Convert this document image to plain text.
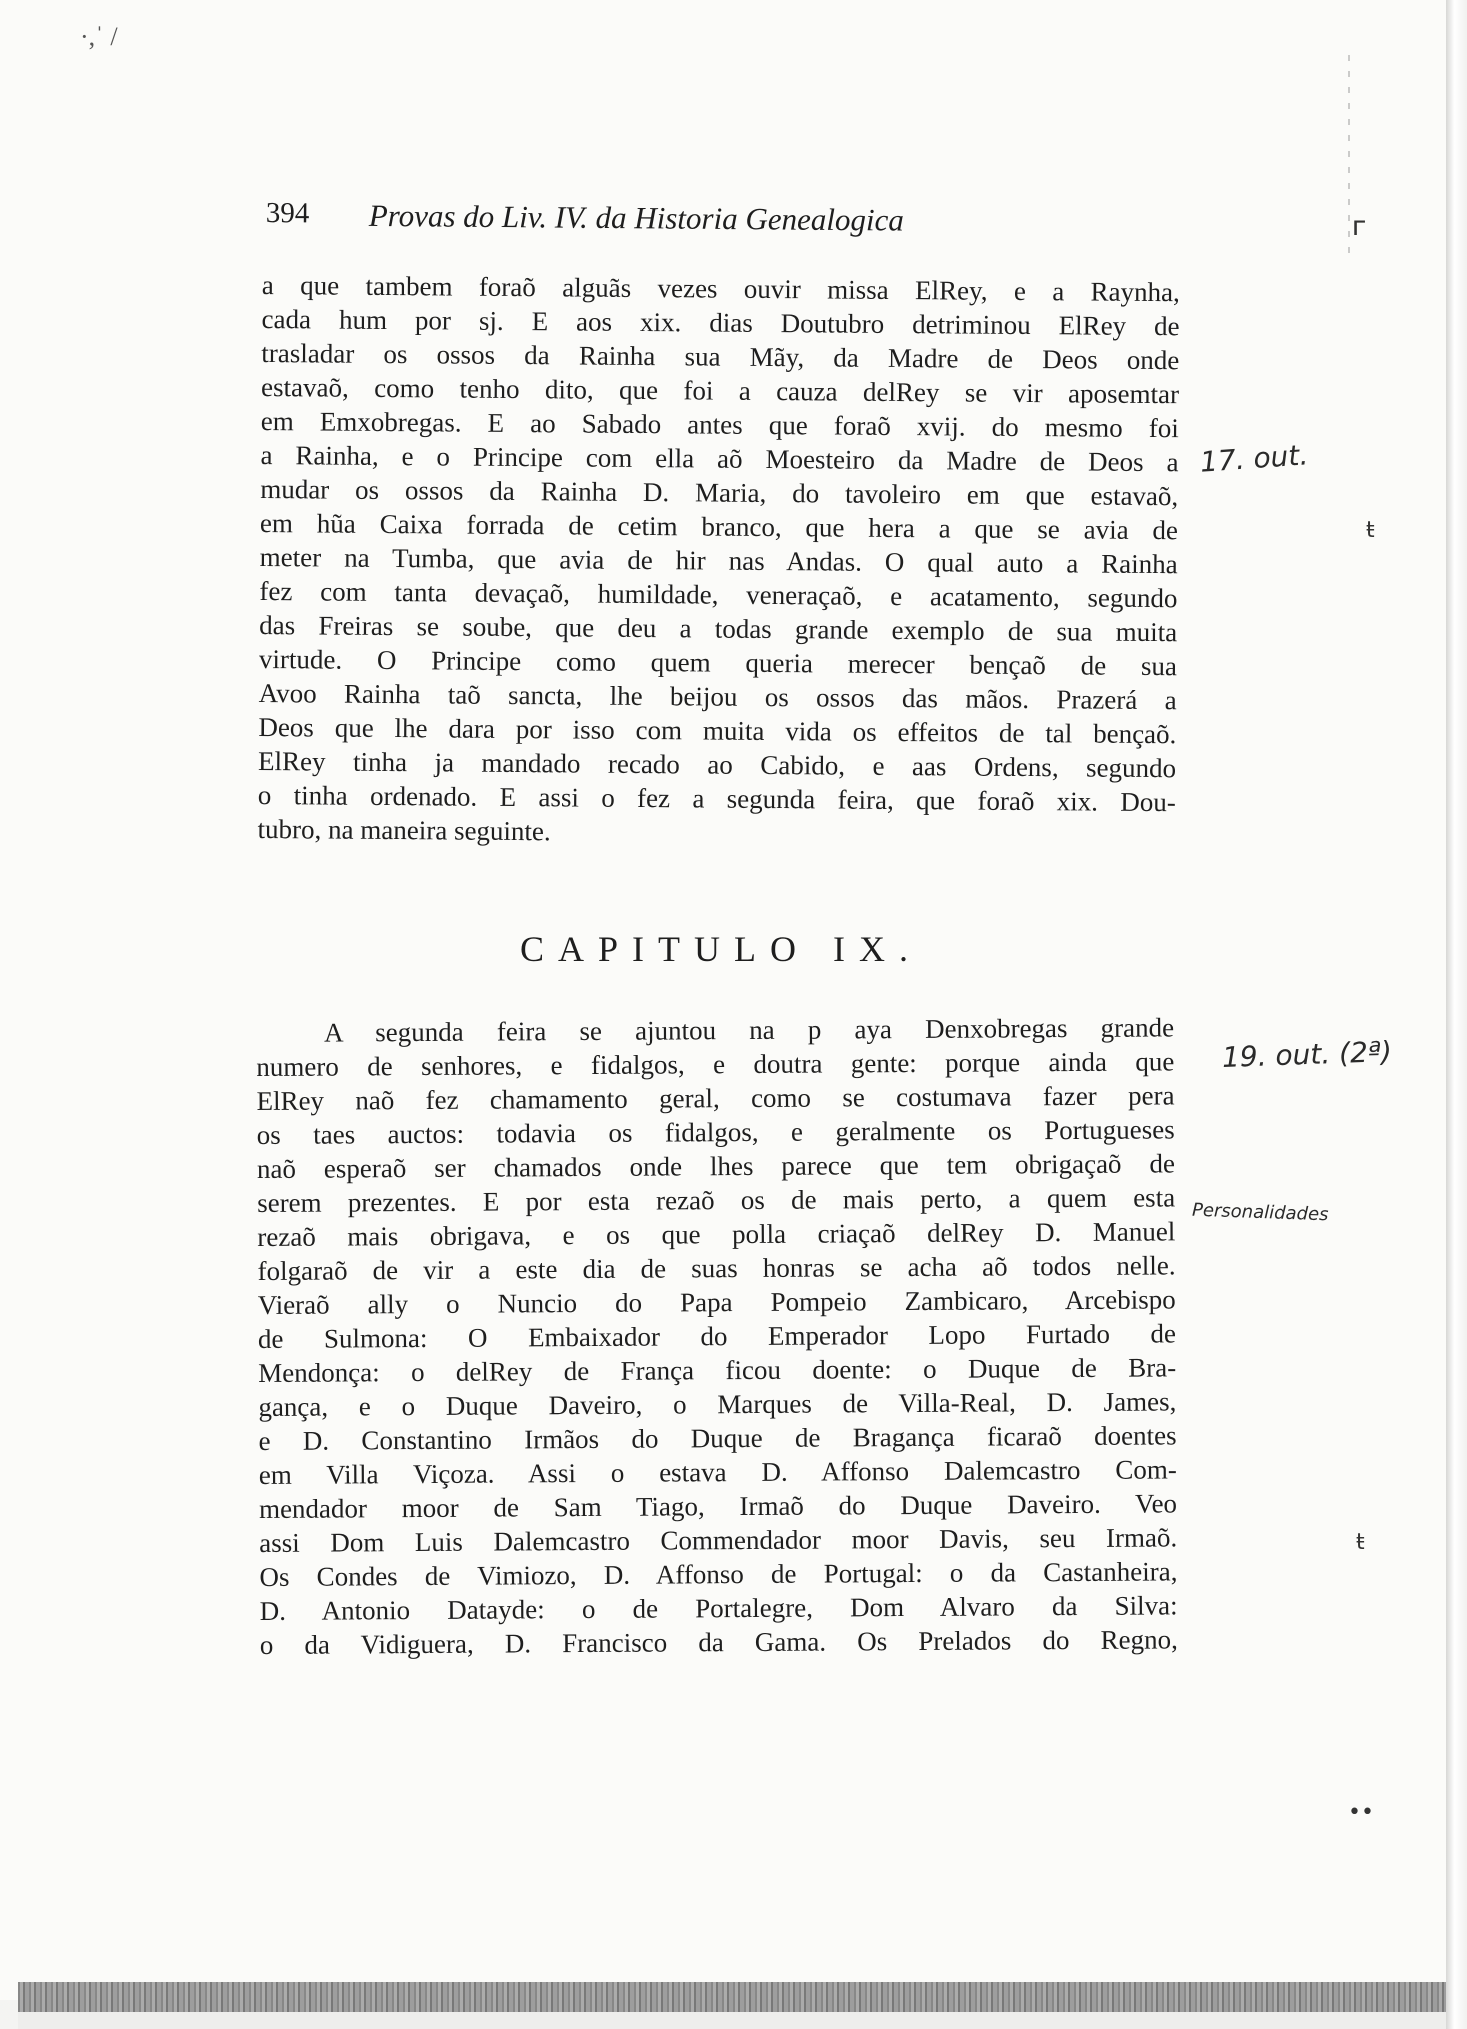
·,ˈ /
ᴦ
ŧ
ŧ
••
394 Provas do Liv. IV. da Historia Genealogica
a que tambem foraõ alguãs vezes ouvir missa ElRey, e a Raynha,
cada hum por sj. E aos xix. dias Doutubro detriminou ElRey de
trasladar os ossos da Rainha sua Mãy, da Madre de Deos onde
estavaõ, como tenho dito, que foi a cauza delRey se vir aposemtar
em Emxobregas. E ao Sabado antes que foraõ xvij. do mesmo foi
a Rainha, e o Principe com ella aõ Moesteiro da Madre de Deos a
mudar os ossos da Rainha D. Maria, do tavoleiro em que estavaõ,
em hũa Caixa forrada de cetim branco, que hera a que se avia de
meter na Tumba, que avia de hir nas Andas. O qual auto a Rainha
fez com tanta devaçaõ, humildade, veneraçaõ, e acatamento, segundo
das Freiras se soube, que deu a todas grande exemplo de sua muita
virtude. O Principe como quem queria merecer bençaõ de sua
Avoo Rainha taõ sancta, lhe beijou os ossos das mãos. Prazerá a
Deos que lhe dara por isso com muita vida os effeitos de tal bençaõ.
ElRey tinha ja mandado recado ao Cabido, e aas Ordens, segundo
o tinha ordenado. E assi o fez a segunda feira, que foraõ xix. Dou-
tubro, na maneira seguinte.
CAPITULO IX.
A segunda feira se ajuntou na p aya Denxobregas grande
numero de senhores, e fidalgos, e doutra gente: porque ainda que
ElRey naõ fez chamamento geral, como se costumava fazer pera
os taes auctos: todavia os fidalgos, e geralmente os Portugueses
naõ esperaõ ser chamados onde lhes parece que tem obrigaçaõ de
serem prezentes. E por esta rezaõ os de mais perto, a quem esta
rezaõ mais obrigava, e os que polla criaçaõ delRey D. Manuel
folgaraõ de vir a este dia de suas honras se acha aõ todos nelle.
Vieraõ ally o Nuncio do Papa Pompeio Zambicaro, Arcebispo
de Sulmona: O Embaixador do Emperador Lopo Furtado de
Mendonça: o delRey de França ficou doente: o Duque de Bra-
gança, e o Duque Daveiro, o Marques de Villa-Real, D. James,
e D. Constantino Irmãos do Duque de Bragança ficaraõ doentes
em Villa Viçoza. Assi o estava D. Affonso Dalemcastro Com-
mendador moor de Sam Tiago, Irmaõ do Duque Daveiro. Veo
assi Dom Luis Dalemcastro Commendador moor Davis, seu Irmaõ.
Os Condes de Vimiozo, D. Affonso de Portugal: o da Castanheira,
D. Antonio Datayde: o de Portalegre, Dom Alvaro da Silva:
o da Vidiguera, D. Francisco da Gama. Os Prelados do Regno,
17. out.
19. out. (2ª)
Personalidades
